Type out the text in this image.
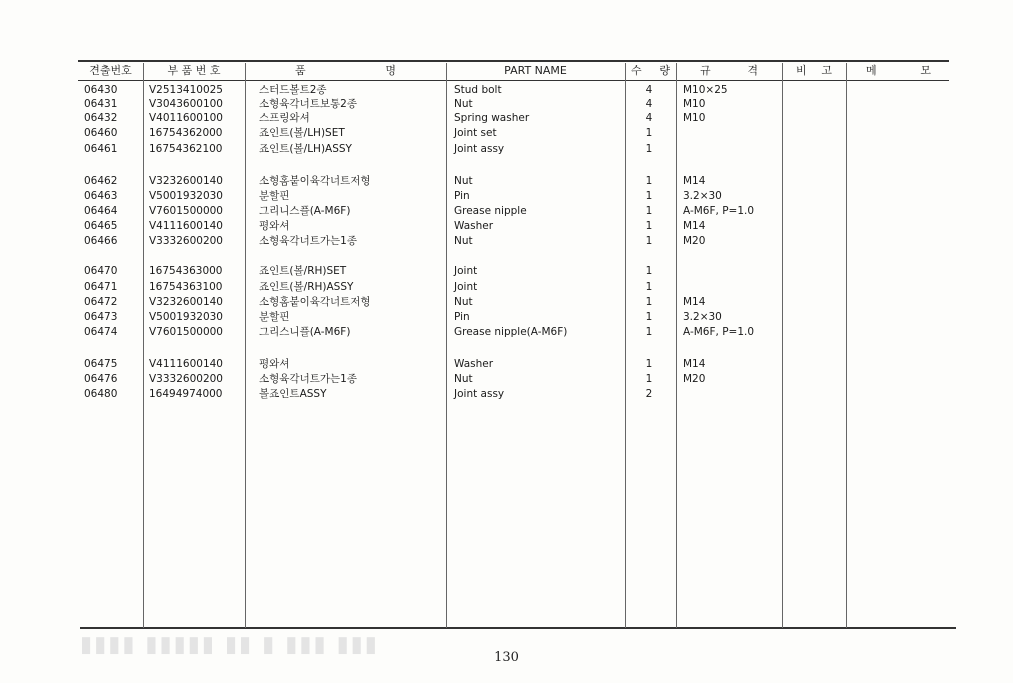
견출번호	부 품 번 호	품	명	PART NAME	수 량	규	격	비 고	메	모
06430	V2513410025	스터드볼트2종	Stud bolt	4	M10×25
06431	V3043600100	소형육각너트보통2종	Nut	4	M10
06432	V4011600100	스프링와셔	Spring washer	4	M10
06460	16754362000	죠인트(볼/LH)SET	Joint set	1
06461	16754362100	죠인트(볼/LH)ASSY	Joint assy	1
06462	V3232600140	소형홈붙이육각너트저형	Nut	1	M14
06463	V5001932030	분할핀	Pin	1	3.2×30
06464	V7601500000	그리니스플(A-M6F)	Grease nipple	1	A-M6F, P=1.0
06465	V4111600140	평와셔	Washer	1	M14
06466	V3332600200	소형육각너트가는1종	Nut	1	M20
06470	16754363000	죠인트(볼/RH)SET	Joint	1
06471	16754363100	죠인트(볼/RH)ASSY	Joint	1
06472	V3232600140	소형홈붙이육각너트저형	Nut	1	M14
06473	V5001932030	분할핀	Pin	1	3.2×30
06474	V7601500000	그리스니플(A-M6F)	Grease nipple(A-M6F)	1	A-M6F, P=1.0
06475	V4111600140	평와셔	Washer	1	M14
06476	V3332600200	소형육각너트가는1종	Nut	1	M20
06480	16494974000	볼죠인트ASSY	Joint assy	2
▮▮▮▮ ▮▮▮▮▮ ▮▮ ▮ ▮▮▮ ▮▮▮	130
